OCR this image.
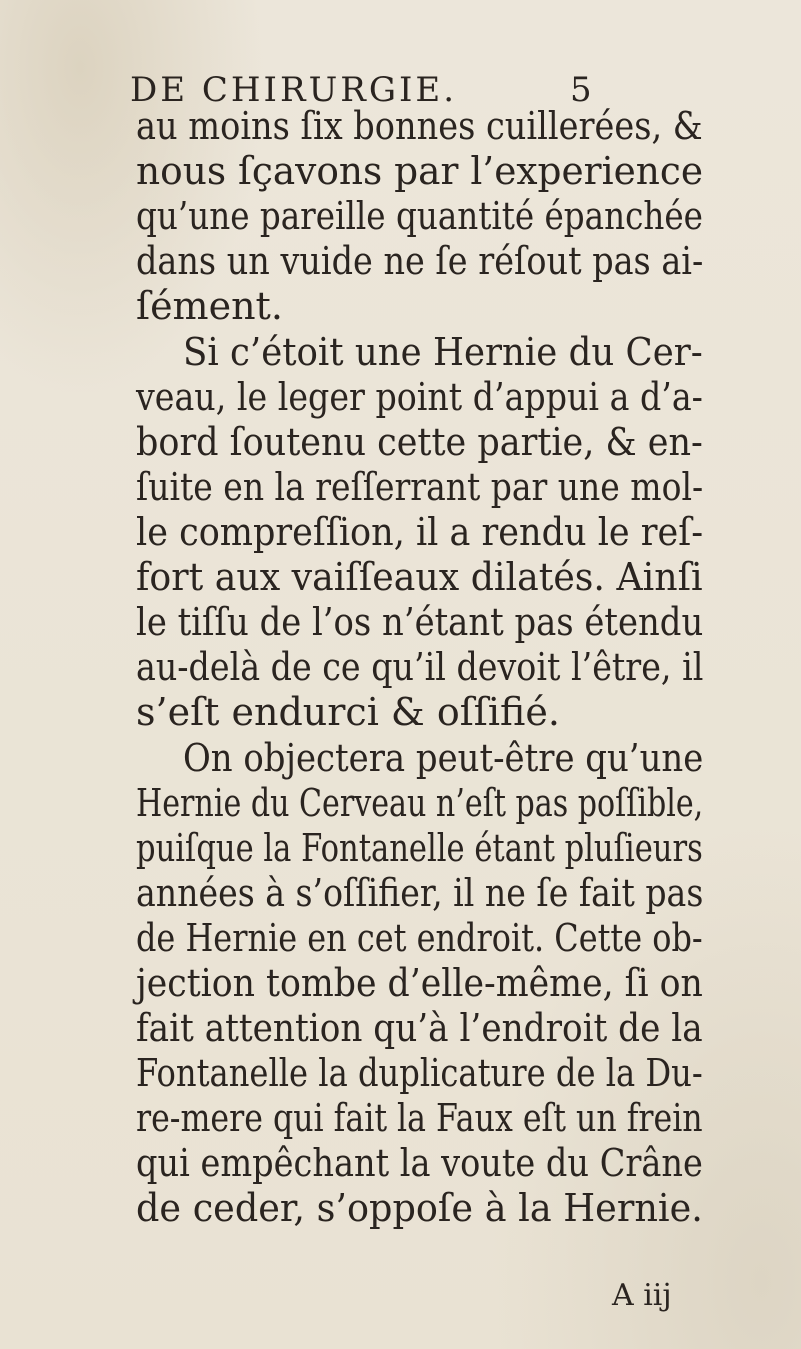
DE CHIRURGIE.	5
au moins ſix bonnes cuillerées, &
nous ſçavons par l’experience
qu’une pareille quantité épanchée
dans un vuide ne ſe réſout pas ai-
ſément.
Si c’étoit une Hernie du Cer-
veau, le leger point d’appui a d’a-
bord ſoutenu cette partie, & en-
ſuite en la reſſerrant par une mol-
le compreſſion, il a rendu le reſ-
fort aux vaiſſeaux dilatés. Ainſi
le tiſſu de l’os n’étant pas étendu
au-delà de ce qu’il devoit l’être, il
s’eſt endurci & oſſifié.
On objectera peut-être qu’une
Hernie du Cerveau n’eſt pas poſſible,
puiſque la Fontanelle étant pluſieurs
années à s’oſſifier, il ne ſe fait pas
de Hernie en cet endroit. Cette ob-
jection tombe d’elle-même, ſi on
fait attention qu’à l’endroit de la
Fontanelle la duplicature de la Du-
re-mere qui fait la Faux eſt un frein
qui empêchant la voute du Crâne
de ceder, s’oppoſe à la Hernie.
A iij
